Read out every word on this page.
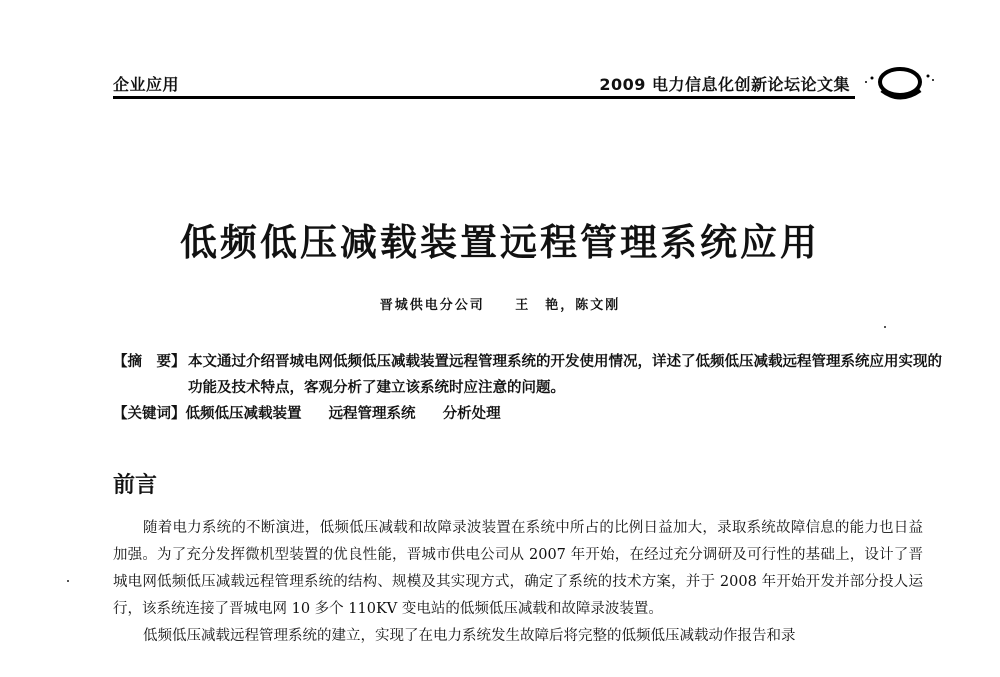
企业应用	2009 电力信息化创新论坛论文集
低频低压减载装置远程管理系统应用
晋城供电分公司 王　艳，陈文刚
【摘　要】 本文通过介绍晋城电网低频低压减载装置远程管理系统的开发使用情况，详述了低频低压减载远程管理系统应用实现的功能及技术特点，客观分析了建立该系统时应注意的问题。
【关键词】低频低压减载装置 远程管理系统 分析处理
前言

随着电力系统的不断演进，低频低压减载和故障录波装置在系统中所占的比例日益加大，录取系统故障信息的能力也日益加强。为了充分发挥微机型装置的优良性能，晋城市供电公司从 2007 年开始，在经过充分调研及可行性的基础上，设计了晋城电网低频低压减载远程管理系统的结构、规模及其实现方式，确定了系统的技术方案，并于 2008 年开始开发并部分投人运行，该系统连接了晋城电网 10 多个 110KV 变电站的低频低压减载和故障录波装置。

低频低压减载远程管理系统的建立，实现了在电力系统发生故障后将完整的低频低压减载动作报告和录
